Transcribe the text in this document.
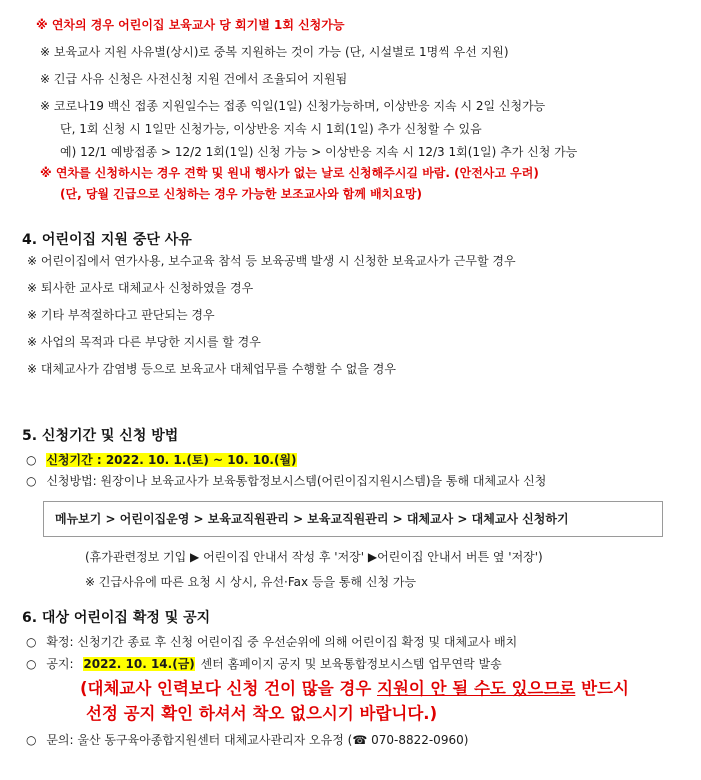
※ 연차의 경우 어린이집 보육교사 당 회기별 1회 신청가능
※ 보육교사 지원 사유별(상시)로 중복 지원하는 것이 가능 (단, 시설별로 1명씩 우선 지원)
※ 긴급 사유 신청은 사전신청 지원 건에서 조율되어 지원됨
※ 코로나19 백신 접종 지원일수는 접종 익일(1일) 신청가능하며, 이상반응 지속 시 2일 신청가능
단, 1회 신청 시 1일만 신청가능, 이상반응 지속 시 1회(1일) 추가 신청할 수 있음
예) 12/1 예방접종 > 12/2 1회(1일) 신청 가능 > 이상반응 지속 시 12/3 1회(1일) 추가 신청 가능
※ 연차를 신청하시는 경우 견학 및 원내 행사가 없는 날로 신청해주시길 바람. (안전사고 우려)
(단, 당월 긴급으로 신청하는 경우 가능한 보조교사와 함께 배치요망)
4. 어린이집 지원 중단 사유
※ 어린이집에서 연가사용, 보수교육 참석 등 보육공백 발생 시 신청한 보육교사가 근무할 경우
※ 퇴사한 교사로 대체교사 신청하였을 경우
※ 기타 부적절하다고 판단되는 경우
※ 사업의 목적과 다른 부당한 지시를 할 경우
※ 대체교사가 감염병 등으로 보육교사 대체업무를 수행할 수 없을 경우
5. 신청기간 및 신청 방법
○ 신청기간 : 2022. 10. 1.(토) ~ 10. 10.(월)
○ 신청방법: 원장이나 보육교사가 보육통합정보시스템(어린이집지원시스템)을 통해 대체교사 신청
메뉴보기 > 어린이집운영 > 보육교직원관리 > 보육교직원관리 > 대체교사 > 대체교사 신청하기
(휴가관련정보 기입 ▶ 어린이집 안내서 작성 후 '저장' ▶어린이집 안내서 버튼 옆 '저장')
※ 긴급사유에 따른 요청 시 상시, 유선·Fax 등을 통해 신청 가능
6. 대상 어린이집 확정 및 공지
○ 확정: 신청기간 종료 후 신청 어린이집 중 우선순위에 의해 어린이집 확정 및 대체교사 배치
○ 공지: 2022. 10. 14.(금) 센터 홈페이지 공지 및 보육통합정보시스템 업무연락 발송
(대체교사 인력보다 신청 건이 많을 경우 지원이 안 될 수도 있으므로 반드시
선정 공지 확인 하셔서 착오 없으시기 바랍니다.)
○ 문의: 울산 동구육아종합지원센터 대체교사관리자 오유정 (☎ 070-8822-0960)
